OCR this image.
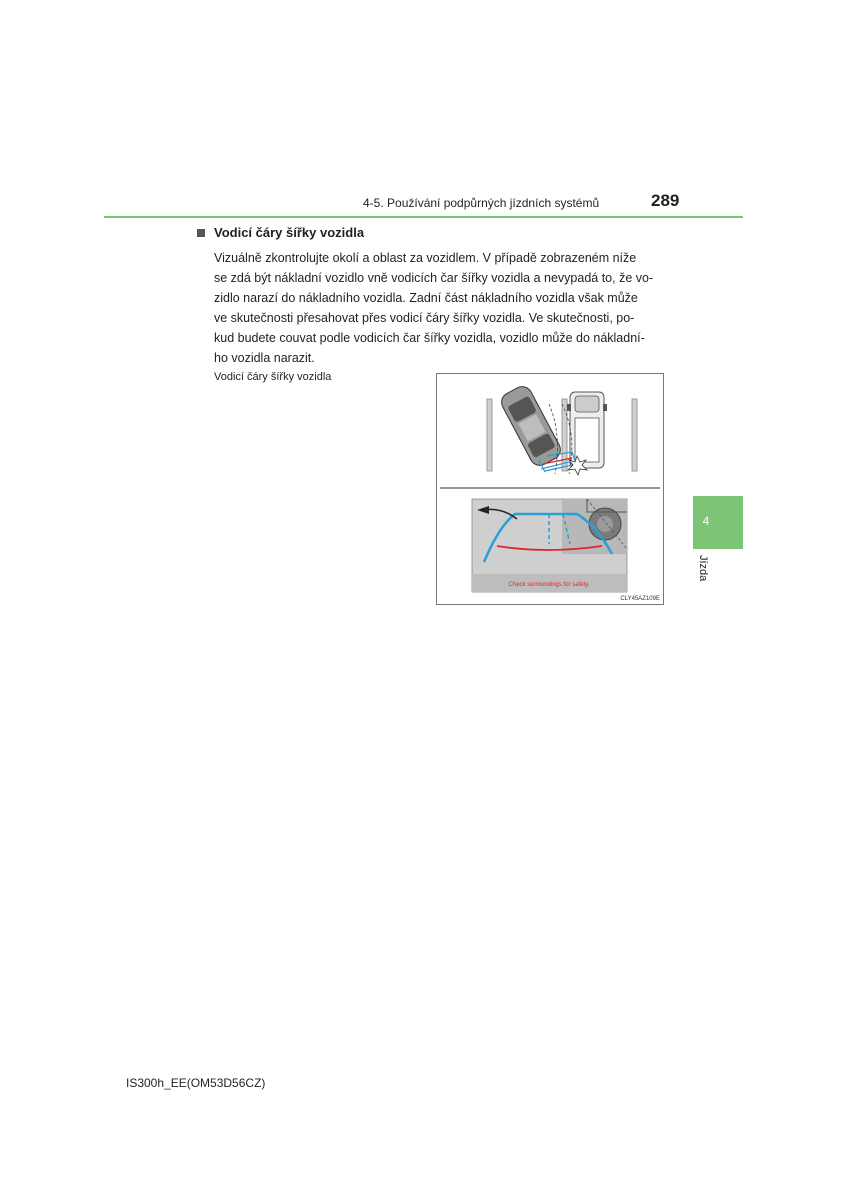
4-5. Používání podpůrných jízdních systémů	289
Vodicí čáry šířky vozidla
Vizuálně zkontrolujte okolí a oblast za vozidlem. V případě zobrazeném níže
se zdá být nákladní vozidlo vně vodicích čar šířky vozidla a nevypadá to, že vo-
zidlo narazí do nákladního vozidla. Zadní část nákladního vozidla však může
ve skutečnosti přesahovat přes vodicí čáry šířky vozidla. Ve skutečnosti, po-
kud budete couvat podle vodicích čar šířky vozidla, vozidlo může do nákladní-
ho vozidla narazit.
Vodicí čáry šířky vozidla
Check surroundings for safety.
CLY45AZ109E
4
Jízda
IS300h_EE(OM53D56CZ)
